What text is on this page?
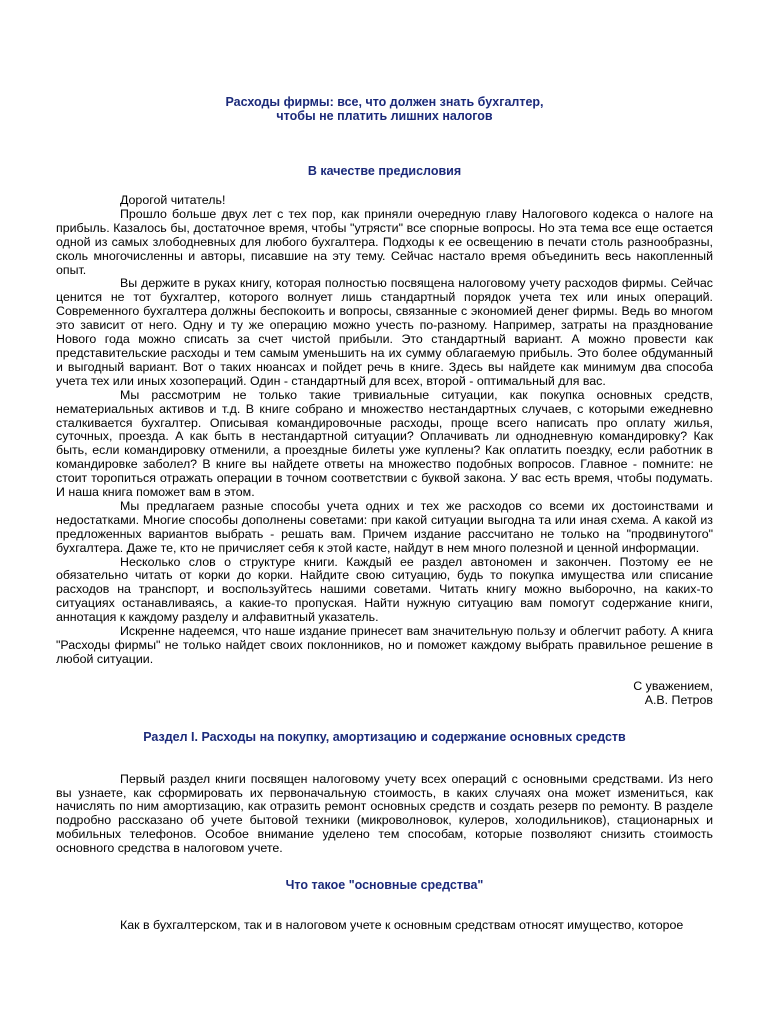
Расходы фирмы: все, что должен знать бухгалтер,
чтобы не платить лишних налогов

В качестве предисловия

Дорогой читатель!

Прошло больше двух лет с тех пор, как приняли очередную главу Налогового кодекса о налоге на прибыль. Казалось бы, достаточное время, чтобы "утрясти" все спорные вопросы. Но эта тема все еще остается одной из самых злободневных для любого бухгалтера. Подходы к ее освещению в печати столь разнообразны, сколь многочисленны и авторы, писавшие на эту тему. Сейчас настало время объединить весь накопленный опыт.

Вы держите в руках книгу, которая полностью посвящена налоговому учету расходов фирмы. Сейчас ценится не тот бухгалтер, которого волнует лишь стандартный порядок учета тех или иных операций. Современного бухгалтера должны беспокоить и вопросы, связанные с экономией денег фирмы. Ведь во многом это зависит от него. Одну и ту же операцию можно учесть по-разному. Например, затраты на празднование Нового года можно списать за счет чистой прибыли. Это стандартный вариант. А можно провести как представительские расходы и тем самым уменьшить на их сумму облагаемую прибыль. Это более обдуманный и выгодный вариант. Вот о таких нюансах и пойдет речь в книге. Здесь вы найдете как минимум два способа учета тех или иных хозопераций. Один - стандартный для всех, второй - оптимальный для вас.

Мы рассмотрим не только такие тривиальные ситуации, как покупка основных средств, нематериальных активов и т.д. В книге собрано и множество нестандартных случаев, с которыми ежедневно сталкивается бухгалтер. Описывая командировочные расходы, проще всего написать про оплату жилья, суточных, проезда. А как быть в нестандартной ситуации? Оплачивать ли однодневную командировку? Как быть, если командировку отменили, а проездные билеты уже куплены? Как оплатить поездку, если работник в командировке заболел? В книге вы найдете ответы на множество подобных вопросов. Главное - помните: не стоит торопиться отражать операции в точном соответствии с буквой закона. У вас есть время, чтобы подумать. И наша книга поможет вам в этом.

Мы предлагаем разные способы учета одних и тех же расходов со всеми их достоинствами и недостатками. Многие способы дополнены советами: при какой ситуации выгодна та или иная схема. А какой из предложенных вариантов выбрать - решать вам. Причем издание рассчитано не только на "продвинутого" бухгалтера. Даже те, кто не причисляет себя к этой касте, найдут в нем много полезной и ценной информации.

Несколько слов о структуре книги. Каждый ее раздел автономен и закончен. Поэтому ее не обязательно читать от корки до корки. Найдите свою ситуацию, будь то покупка имущества или списание расходов на транспорт, и воспользуйтесь нашими советами. Читать книгу можно выборочно, на каких-то ситуациях останавливаясь, а какие-то пропуская. Найти нужную ситуацию вам помогут содержание книги, аннотация к каждому разделу и алфавитный указатель.

Искренне надеемся, что наше издание принесет вам значительную пользу и облегчит работу. А книга "Расходы фирмы" не только найдет своих поклонников, но и поможет каждому выбрать правильное решение в любой ситуации.

С уважением,
А.В. Петров

Раздел I. Расходы на покупку, амортизацию и содержание основных средств

Первый раздел книги посвящен налоговому учету всех операций с основными средствами. Из него вы узнаете, как сформировать их первоначальную стоимость, в каких случаях она может измениться, как начислять по ним амортизацию, как отразить ремонт основных средств и создать резерв по ремонту. В разделе подробно рассказано об учете бытовой техники (микроволновок, кулеров, холодильников), стационарных и мобильных телефонов. Особое внимание уделено тем способам, которые позволяют снизить стоимость основного средства в налоговом учете.

Что такое "основные средства"

Как в бухгалтерском, так и в налоговом учете к основным средствам относят имущество, которое
